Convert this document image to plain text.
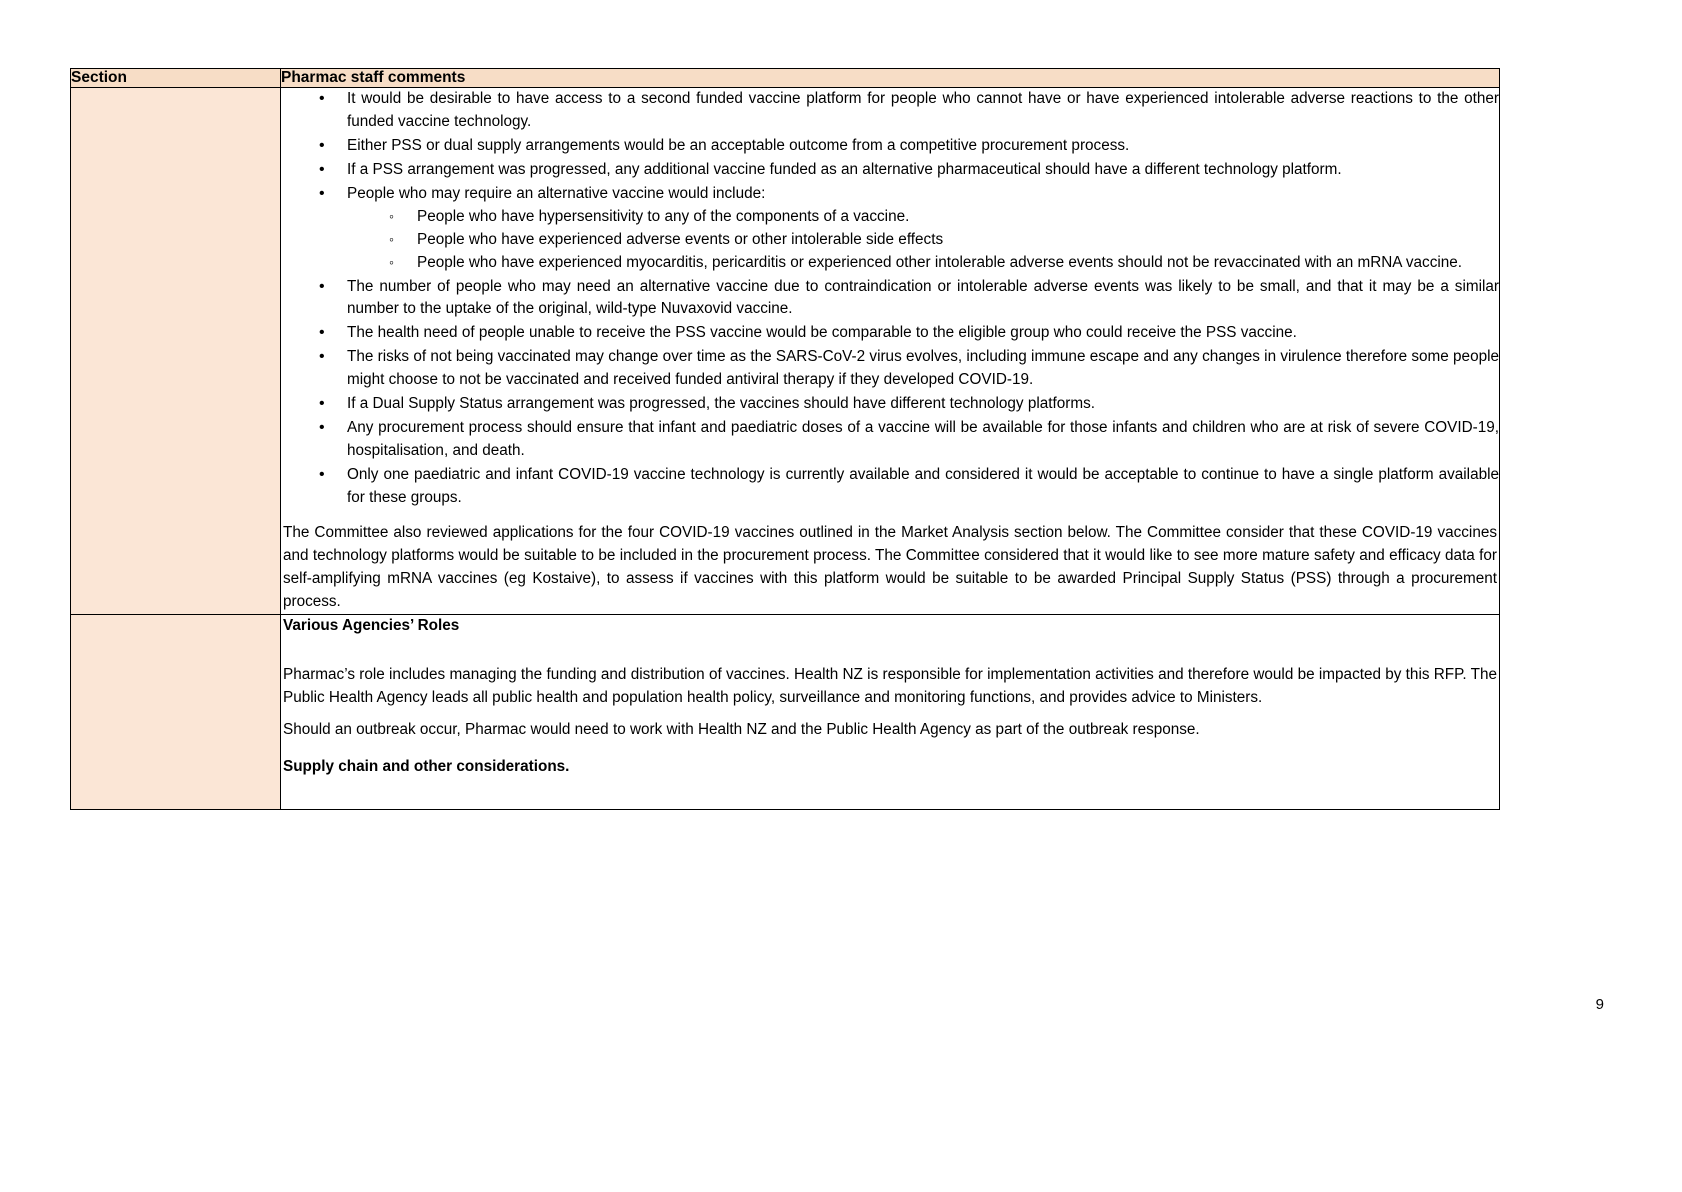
Section	Pharmac staff comments

• It would be desirable to have access to a second funded vaccine platform for people who cannot have or have experienced intolerable adverse reactions to the other funded vaccine technology.
• Either PSS or dual supply arrangements would be an acceptable outcome from a competitive procurement process.
• If a PSS arrangement was progressed, any additional vaccine funded as an alternative pharmaceutical should have a different technology platform.
• People who may require an alternative vaccine would include:
◦ People who have hypersensitivity to any of the components of a vaccine.
◦ People who have experienced adverse events or other intolerable side effects
◦ People who have experienced myocarditis, pericarditis or experienced other intolerable adverse events should not be revaccinated with an mRNA vaccine.
• The number of people who may need an alternative vaccine due to contraindication or intolerable adverse events was likely to be small, and that it may be a similar number to the uptake of the original, wild-type Nuvaxovid vaccine.
• The health need of people unable to receive the PSS vaccine would be comparable to the eligible group who could receive the PSS vaccine.
• The risks of not being vaccinated may change over time as the SARS-CoV-2 virus evolves, including immune escape and any changes in virulence therefore some people might choose to not be vaccinated and received funded antiviral therapy if they developed COVID-19.
• If a Dual Supply Status arrangement was progressed, the vaccines should have different technology platforms.
• Any procurement process should ensure that infant and paediatric doses of a vaccine will be available for those infants and children who are at risk of severe COVID-19, hospitalisation, and death.
• Only one paediatric and infant COVID-19 vaccine technology is currently available and considered it would be acceptable to continue to have a single platform available for these groups.

The Committee also reviewed applications for the four COVID-19 vaccines outlined in the Market Analysis section below. The Committee consider that these COVID-19 vaccines and technology platforms would be suitable to be included in the procurement process. The Committee considered that it would like to see more mature safety and efficacy data for self-amplifying mRNA vaccines (eg Kostaive), to assess if vaccines with this platform would be suitable to be awarded Principal Supply Status (PSS) through a procurement process.

	Various Agencies’ Roles

Pharmac’s role includes managing the funding and distribution of vaccines. Health NZ is responsible for implementation activities and therefore would be impacted by this RFP. The Public Health Agency leads all public health and population health policy, surveillance and monitoring functions, and provides advice to Ministers.

Should an outbreak occur, Pharmac would need to work with Health NZ and the Public Health Agency as part of the outbreak response.

Supply chain and other considerations.

9
